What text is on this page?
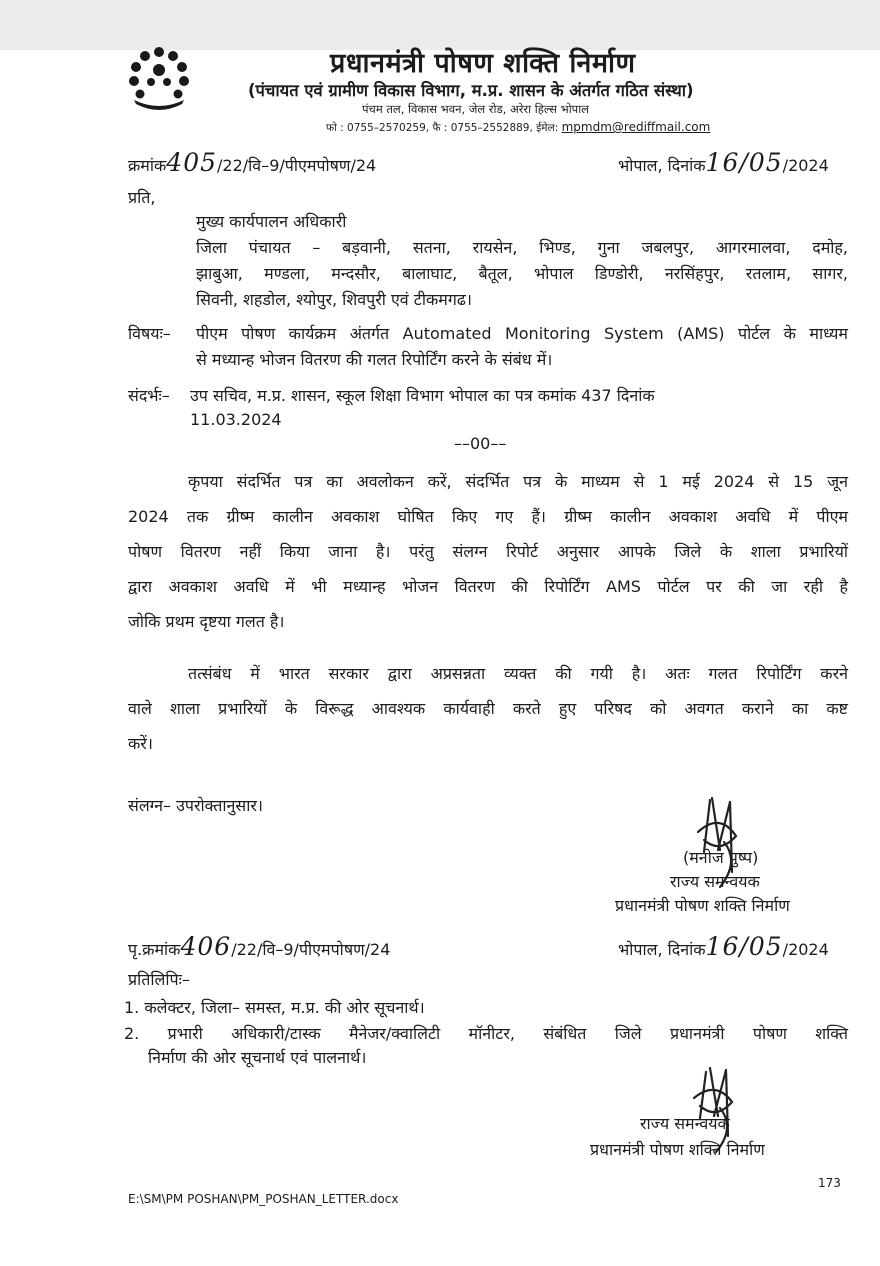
प्रधानमंत्री पोषण शक्ति निर्माण
(पंचायत एवं ग्रामीण विकास विभाग, म.प्र. शासन के अंतर्गत गठित संस्था)
पंचम तल, विकास भवन, जेल रोड, अरेरा हिल्स भोपाल
फो : 0755–2570259, फै : 0755–2552889, ईमेल: mpmdm@rediffmail.com
क्रमांक405/22/वि–9/पीएमपोषण/24	भोपाल, दिनांक16/05/2024
प्रति,
मुख्य कार्यपालन अधिकारी
जिला पंचायत – बड़वानी, सतना, रायसेन, भिण्ड, गुना जबलपुर, आगरमालवा, दमोह,
झाबुआ, मण्डला, मन्दसौर, बालाघाट, बैतूल, भोपाल डिण्डोरी, नरसिंहपुर, रतलाम, सागर,
सिवनी, शहडोल, श्योपुर, शिवपुरी एवं टीकमगढ।
विषयः– पीएम पोषण कार्यक्रम अंतर्गत Automated Monitoring System (AMS) पोर्टल के माध्यम
से मध्यान्ह भोजन वितरण की गलत रिपोर्टिंग करने के संबंध में।
संदर्भः– उप सचिव, म.प्र. शासन, स्कूल शिक्षा विभाग भोपाल का पत्र कमांक 437 दिनांक
11.03.2024
––00––
कृपया संदर्भित पत्र का अवलोकन करें, संदर्भित पत्र के माध्यम से 1 मई 2024 से 15 जून
2024 तक ग्रीष्म कालीन अवकाश घोषित किए गए हैं। ग्रीष्म कालीन अवकाश अवधि में पीएम
पोषण वितरण नहीं किया जाना है। परंतु संलग्न रिपोर्ट अनुसार आपके जिले के शाला प्रभारियों
द्वारा अवकाश अवधि में भी मध्यान्ह भोजन वितरण की रिपोर्टिंग AMS पोर्टल पर की जा रही है
जोकि प्रथम दृष्टया गलत है।
तत्संबंध में भारत सरकार द्वारा अप्रसन्नता व्यक्त की गयी है। अतः गलत रिपोर्टिंग करने
वाले शाला प्रभारियों के विरूद्ध आवश्यक कार्यवाही करते हुए परिषद को अवगत कराने का कष्ट
करें।
संलग्न– उपरोक्तानुसार।
(मनोज पुष्प)
राज्य समन्वयक
प्रधानमंत्री पोषण शक्ति निर्माण
पृ.क्रमांक406/22/वि–9/पीएमपोषण/24	भोपाल, दिनांक16/05/2024
प्रतिलिपिः–
1. कलेक्टर, जिला– समस्त, म.प्र. की ओर सूचनार्थ।
2. प्रभारी अधिकारी/टास्क मैनेजर/क्वालिटी मॉनीटर, संबंधित जिले प्रधानमंत्री पोषण शक्ति
निर्माण की ओर सूचनार्थ एवं पालनार्थ।
राज्य समन्वयक
प्रधानमंत्री पोषण शक्ति निर्माण
173
E:\SM\PM POSHAN\PM_POSHAN_LETTER.docx
